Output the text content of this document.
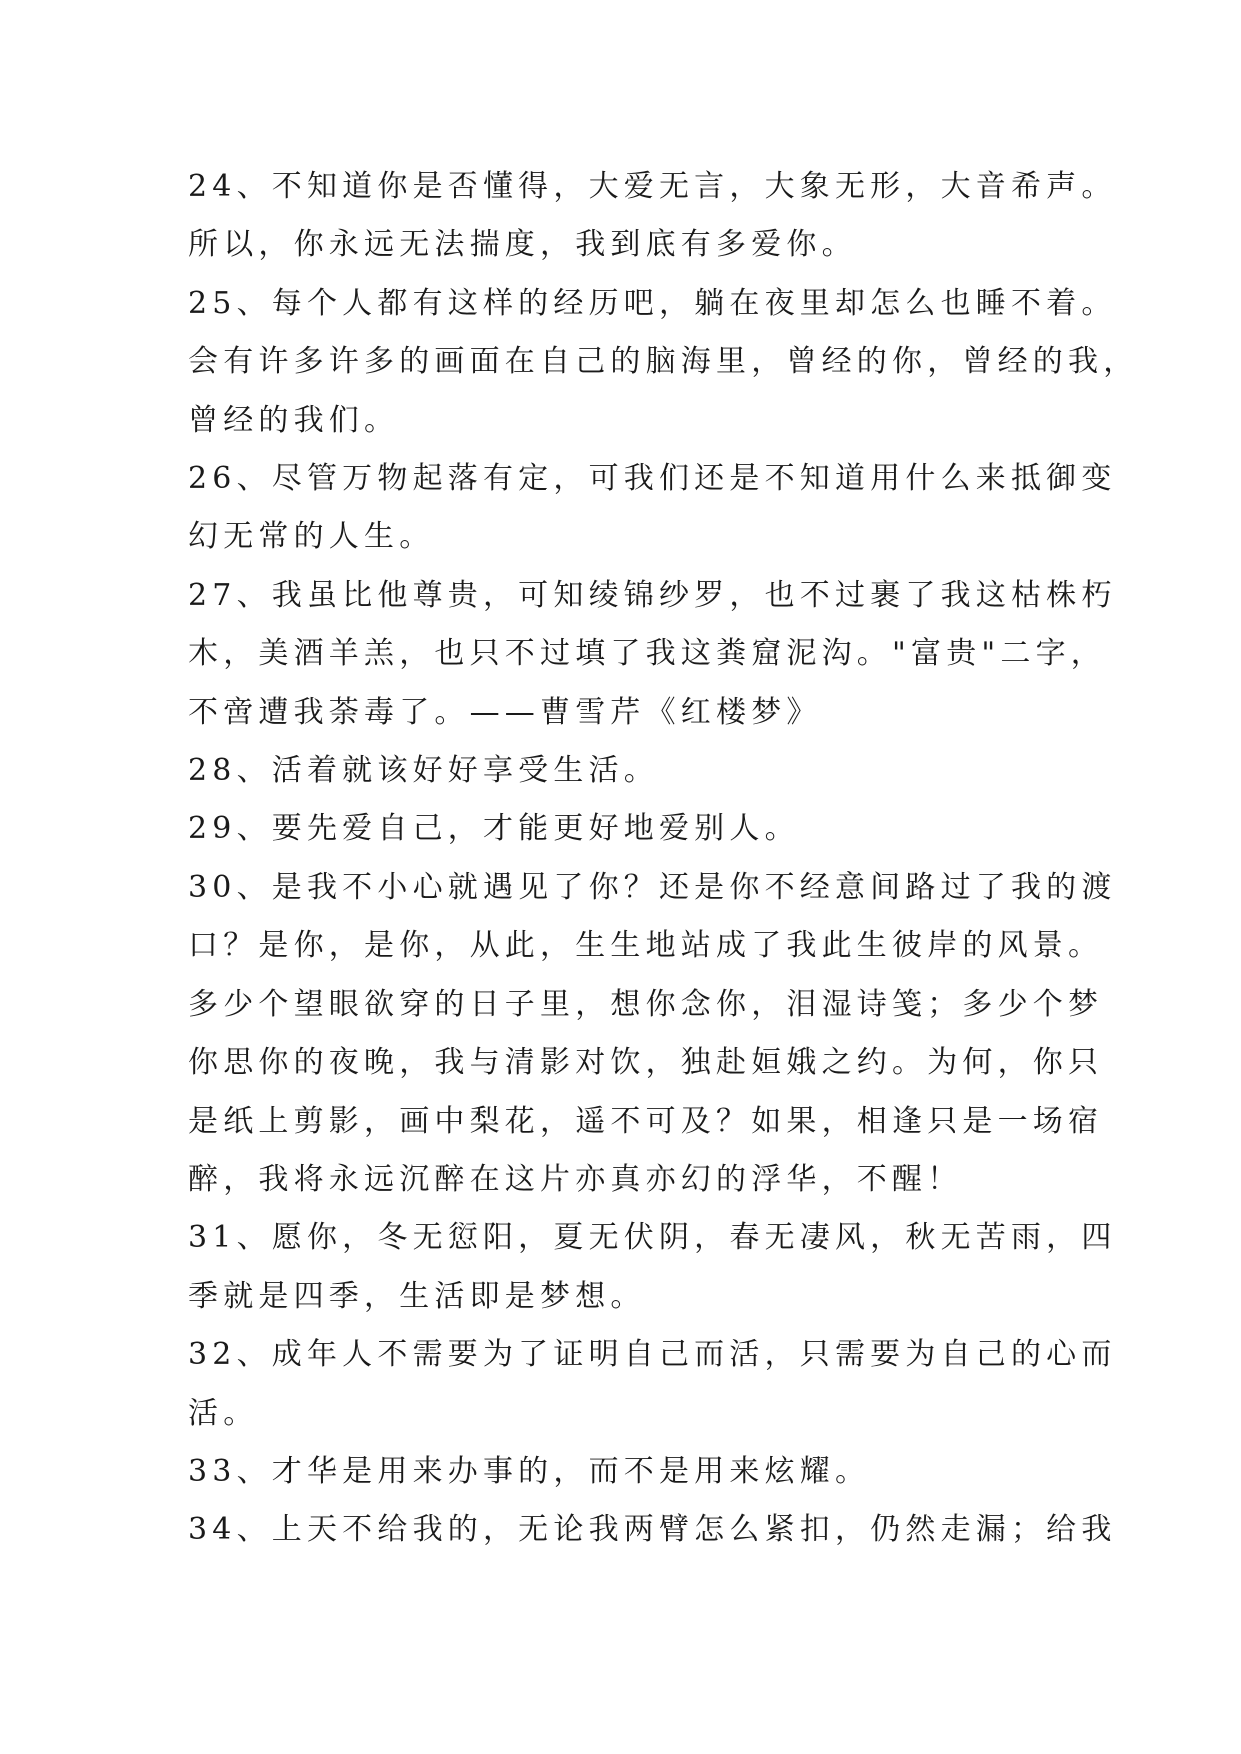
24、不知道你是否懂得，大爱无言，大象无形，大音希声。
所以，你永远无法揣度，我到底有多爱你。

25、每个人都有这样的经历吧，躺在夜里却怎么也睡不着。
会有许多许多的画面在自己的脑海里，曾经的你，曾经的我，
曾经的我们。

26、尽管万物起落有定，可我们还是不知道用什么来抵御变
幻无常的人生。

27、我虽比他尊贵，可知绫锦纱罗，也不过裹了我这枯株朽
木，美酒羊羔，也只不过填了我这粪窟泥沟。"富贵"二字，
不啻遭我荼毒了。——曹雪芹《红楼梦》

28、活着就该好好享受生活。

29、要先爱自己，才能更好地爱别人。

30、是我不小心就遇见了你？还是你不经意间路过了我的渡
口？是你，是你，从此，生生地站成了我此生彼岸的风景。
多少个望眼欲穿的日子里，想你念你，泪湿诗笺；多少个梦
你思你的夜晚，我与清影对饮，独赴姮娥之约。为何，你只
是纸上剪影，画中梨花，遥不可及？如果，相逢只是一场宿
醉，我将永远沉醉在这片亦真亦幻的浮华，不醒！

31、愿你，冬无愆阳，夏无伏阴，春无凄风，秋无苦雨，四
季就是四季，生活即是梦想。

32、成年人不需要为了证明自己而活，只需要为自己的心而
活。

33、才华是用来办事的，而不是用来炫耀。

34、上天不给我的，无论我两臂怎么紧扣，仍然走漏；给我
